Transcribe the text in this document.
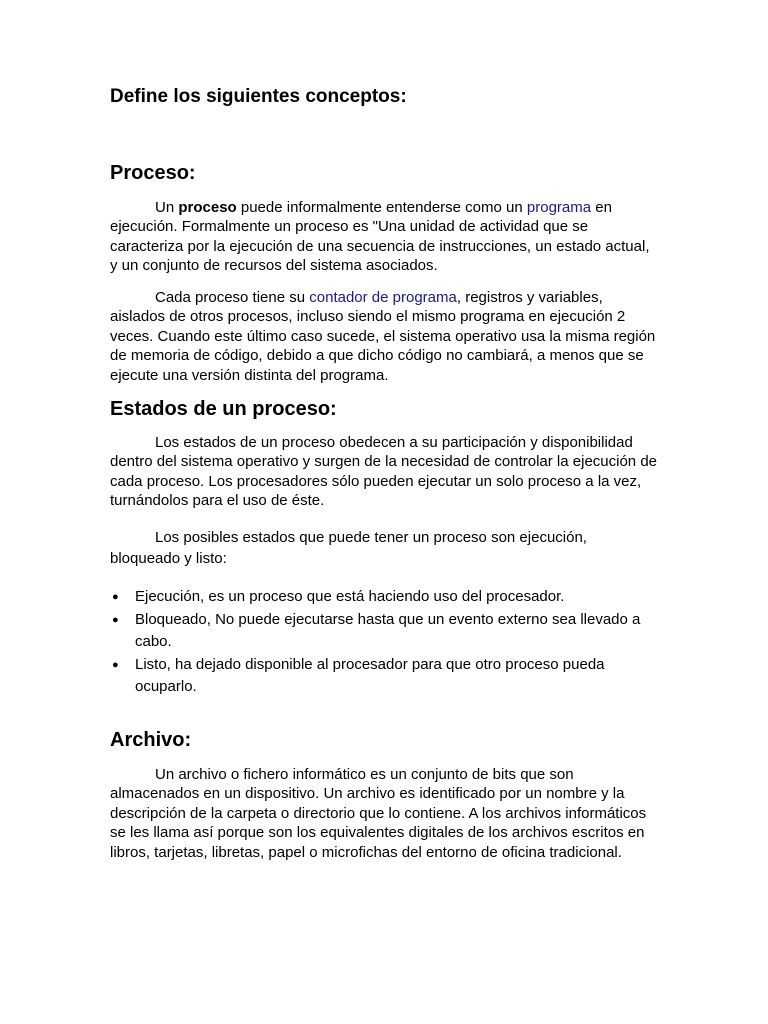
Define los siguientes conceptos:
Proceso:

Un proceso puede informalmente entenderse como un programa en ejecución. Formalmente un proceso es "Una unidad de actividad que se caracteriza por la ejecución de una secuencia de instrucciones, un estado actual, y un conjunto de recursos del sistema asociados.

Cada proceso tiene su contador de programa, registros y variables, aislados de otros procesos, incluso siendo el mismo programa en ejecución 2 veces. Cuando este último caso sucede, el sistema operativo usa la misma región de memoria de código, debido a que dicho código no cambiará, a menos que se ejecute una versión distinta del programa.

Estados de un proceso:

Los estados de un proceso obedecen a su participación y disponibilidad dentro del sistema operativo y surgen de la necesidad de controlar la ejecución de cada proceso. Los procesadores sólo pueden ejecutar un solo proceso a la vez, turnándolos para el uso de éste.

Los posibles estados que puede tener un proceso son ejecución, bloqueado y listo:

● Ejecución, es un proceso que está haciendo uso del procesador.
● Bloqueado, No puede ejecutarse hasta que un evento externo sea llevado a cabo.
● Listo, ha dejado disponible al procesador para que otro proceso pueda ocuparlo.
Archivo:

Un archivo o fichero informático es un conjunto de bits que son almacenados en un dispositivo. Un archivo es identificado por un nombre y la descripción de la carpeta o directorio que lo contiene. A los archivos informáticos se les llama así porque son los equivalentes digitales de los archivos escritos en libros, tarjetas, libretas, papel o microfichas del entorno de oficina tradicional.
